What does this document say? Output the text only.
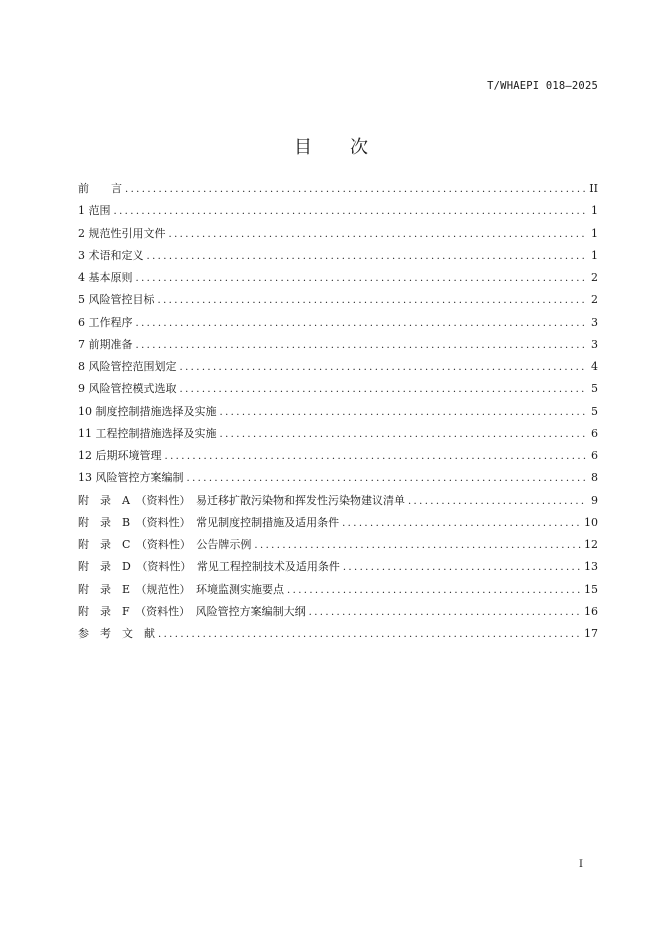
T/WHAEPI 018—2025
目次
前　　言 .....	II
1 范围 .....	1
2 规范性引用文件 .....	1
3 术语和定义 .....	1
4 基本原则 .....	2
5 风险管控目标 .....	2
6 工作程序 .....	3
7 前期准备 .....	3
8 风险管控范围划定 .....	4
9 风险管控模式选取 .....	5
10 制度控制措施选择及实施 .....	5
11 工程控制措施选择及实施 .....	6
12 后期环境管理 .....	6
13 风险管控方案编制 .....	8
附　录　A　（资料性）　易迁移扩散污染物和挥发性污染物建议清单 .....	9
附　录　B　（资料性）　常见制度控制措施及适用条件 .....	10
附　录　C　（资料性）　公告牌示例 .....	12
附　录　D　（资料性）　常见工程控制技术及适用条件 .....	13
附　录　E　（规范性）　环境监测实施要点 .....	15
附　录　F　（资料性）　风险管控方案编制大纲 .....	16
参　考　文　献 .....	17
I
